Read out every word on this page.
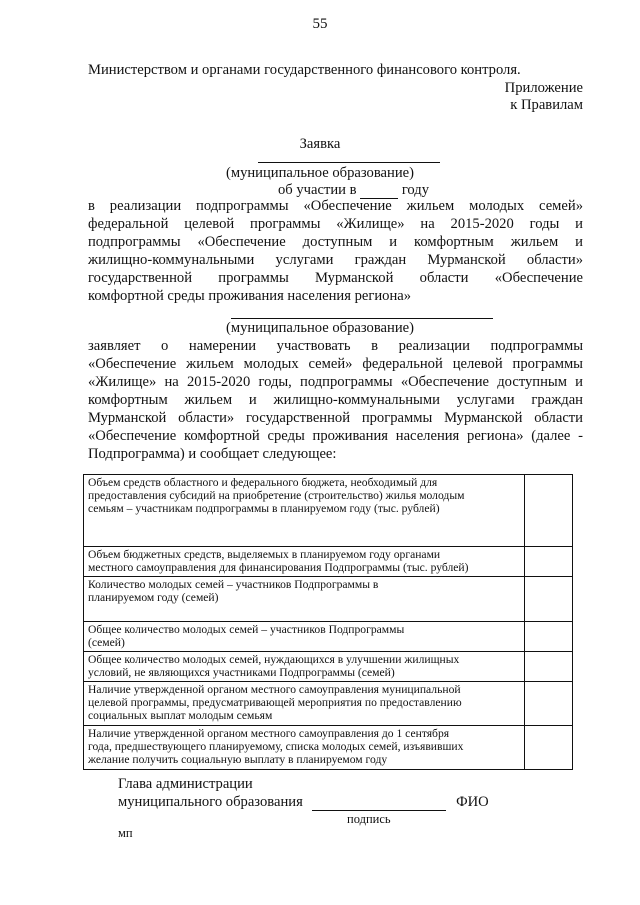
55
Министерством и органами государственного финансового контроля.
Приложение
к Правилам
Заявка
(муниципальное образование)
об участии в	году
в реализации подпрограммы «Обеспечение жильем молодых семей»
федеральной целевой программы «Жилище» на 2015-2020 годы и
подпрограммы «Обеспечение доступным и комфортным жильем и
жилищно-коммунальными услугами граждан Мурманской области»
государственной программы Мурманской области «Обеспечение
комфортной среды проживания населения региона»
(муниципальное образование)
заявляет о намерении участвовать в реализации подпрограммы
«Обеспечение жильем молодых семей» федеральной целевой программы
«Жилище» на 2015-2020 годы, подпрограммы «Обеспечение доступным и
комфортным жильем и жилищно-коммунальными услугами граждан
Мурманской области» государственной программы Мурманской области
«Обеспечение комфортной среды проживания населения региона» (далее -
Подпрограмма) и сообщает следующее:
Объем средств областного и федерального бюджета, необходимый для
предоставления субсидий на приобретение (строительство) жилья молодым
семьям – участникам подпрограммы в планируемом году (тыс. рублей)	

Объем бюджетных средств, выделяемых в планируемом году органами
местного самоуправления для финансирования Подпрограммы (тыс. рублей)	

Количество молодых семей – участников Подпрограммы в
планируемом году (семей)	

Общее количество молодых семей – участников Подпрограммы
(семей)	

Общее количество молодых семей, нуждающихся в улучшении жилищных
условий, не являющихся участниками Подпрограммы (семей)	

Наличие утвержденной органом местного самоуправления муниципальной
целевой программы, предусматривающей мероприятия по предоставлению
социальных выплат молодым семьям	

Наличие утвержденной органом местного самоуправления до 1 сентября
года, предшествующего планируемому, списка молодых семей, изъявивших
желание получить социальную выплату в планируемом году	

Глава администрации
муниципального образования	ФИО
подпись
мп
